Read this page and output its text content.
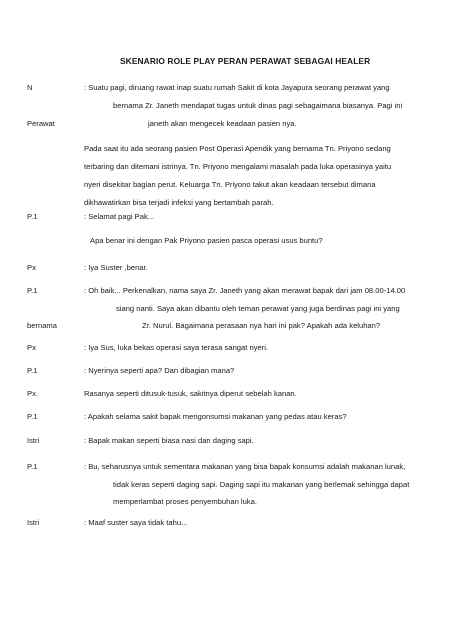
SKENARIO ROLE PLAY PERAN PERAWAT SEBAGAI HEALER
N	: Suatu pagi, diruang rawat inap suatu rumah Sakit di kota Jayapura seorang perawat yang
bernama Zr. Janeth mendapat tugas untuk dinas pagi sebagaimana biasanya. Pagi ini
Perawat	janeth akan mengecek keadaan pasien nya.
Pada saat itu ada seorang pasien Post Operasi Apendik yang bernama Tn. Priyono sedang
terbaring dan ditemani istrinya. Tn. Priyono mengalami masalah pada luka operasinya yaitu
nyeri disekitar bagian perut. Keluarga Tn. Priyono takut akan keadaan tersebut dimana
dikhawatirkan bisa terjadi infeksi yang bertambah parah.
P.1	: Selamat pagi Pak...
Apa benar ini dengan Pak Priyono pasien pasca operasi usus buntu?
Px	: Iya Suster ,benar.
P.1	: Oh baik... Perkenalkan, nama saya Zr. Janeth yang akan merawat bapak dari jam 08.00-14.00
siang nanti. Saya akan dibantu oleh teman perawat yang juga berdinas pagi ini yang
bernama	Zr. Nurul. Bagaimana perasaan nya hari ini pak? Apakah ada keluhan?
Px	: Iya Sus, luka bekas operasi saya terasa sangat nyeri.
P.1	: Nyerinya seperti apa? Dan dibagian mana?
Px.	Rasanya seperti ditusuk-tusuk, sakitnya diperut sebelah kanan.
P.1	: Apakah selama sakit bapak mengonsumsi makanan yang pedas atau keras?
Istri	: Bapak makan seperti biasa nasi dan daging sapi.
P.1	: Bu, seharusnya untuk sementara makanan yang bisa bapak konsumsi adalah makanan lunak,
tidak keras seperti daging sapi. Daging sapi itu makanan yang berlemak sehingga dapat
memperlambat proses penyembuhan luka.
Istri	: Maaf suster saya tidak tahu...
